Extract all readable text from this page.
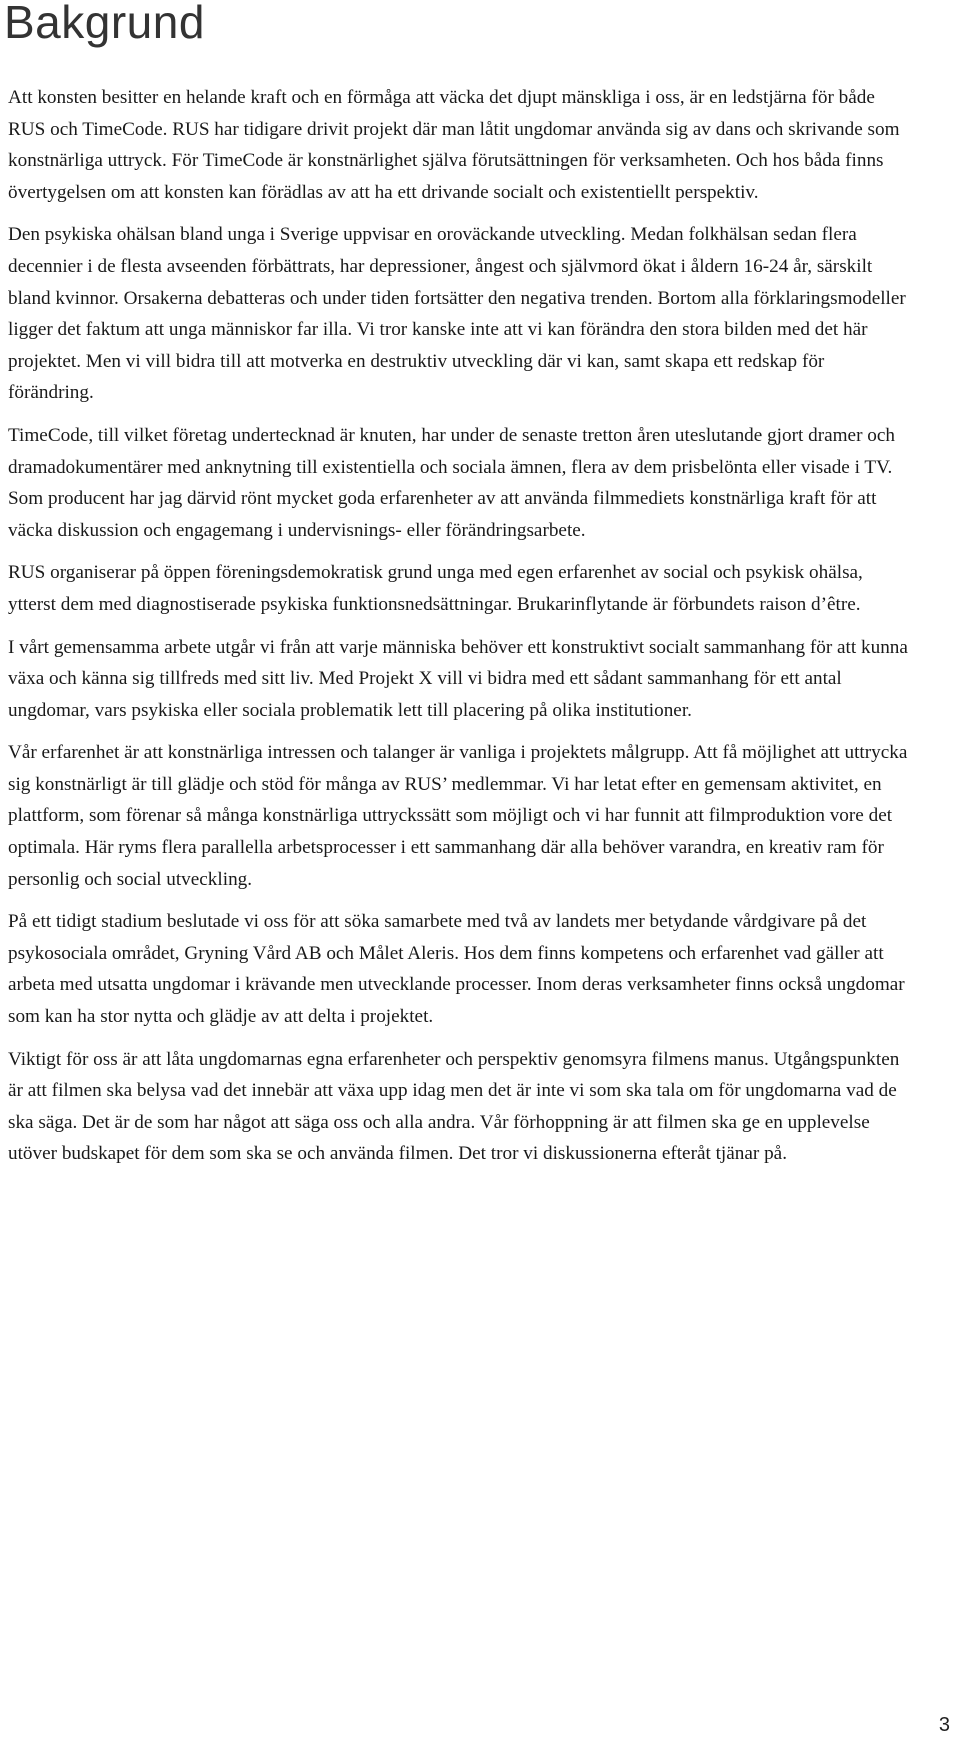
Bakgrund

Att konsten besitter en helande kraft och en förmåga att väcka det djupt mänskliga i oss, är en ledstjärna för både RUS och TimeCode. RUS har tidigare drivit projekt där man låtit ungdomar använda sig av dans och skrivande som konstnärliga uttryck. För TimeCode är konstnärlighet själva förutsättningen för verksamheten. Och hos båda finns övertygelsen om att konsten kan förädlas av att ha ett drivande socialt och existentiellt perspektiv.

Den psykiska ohälsan bland unga i Sverige uppvisar en oroväckande utveckling. Medan folkhälsan sedan flera decennier i de flesta avseenden förbättrats, har depressioner, ångest och självmord ökat i åldern 16-24 år, särskilt bland kvinnor. Orsakerna debatteras och under tiden fortsätter den negativa trenden. Bortom alla förklaringsmodeller ligger det faktum att unga människor far illa. Vi tror kanske inte att vi kan förändra den stora bilden med det här projektet. Men vi vill bidra till att motverka en destruktiv utveckling där vi kan, samt skapa ett redskap för förändring.

TimeCode, till vilket företag undertecknad är knuten, har under de senaste tretton åren uteslutande gjort dramer och dramadokumentärer med anknytning till existentiella och sociala ämnen, flera av dem prisbelönta eller visade i TV. Som producent har jag därvid rönt mycket goda erfarenheter av att använda filmmediets konstnärliga kraft för att väcka diskussion och engagemang i undervisnings- eller förändringsarbete.

RUS organiserar på öppen föreningsdemokratisk grund unga med egen erfarenhet av social och psykisk ohälsa, ytterst dem med diagnostiserade psykiska funktionsnedsättningar. Brukarinflytande är förbundets raison d’être.

I vårt gemensamma arbete utgår vi från att varje människa behöver ett konstruktivt socialt sammanhang för att kunna växa och känna sig tillfreds med sitt liv. Med Projekt X vill vi bidra med ett sådant sammanhang för ett antal ungdomar, vars psykiska eller sociala problematik lett till placering på olika institutioner.

Vår erfarenhet är att konstnärliga intressen och talanger är vanliga i projektets målgrupp. Att få möjlighet att uttrycka sig konstnärligt är till glädje och stöd för många av RUS’ medlemmar. Vi har letat efter en gemensam aktivitet, en plattform, som förenar så många konstnärliga uttryckssätt som möjligt och vi har funnit att filmproduktion vore det optimala. Här ryms flera parallella arbetsprocesser i ett sammanhang där alla behöver varandra, en kreativ ram för personlig och social utveckling.

På ett tidigt stadium beslutade vi oss för att söka samarbete med två av landets mer betydande vårdgivare på det psykosociala området, Gryning Vård AB och Målet Aleris. Hos dem finns kompetens och erfarenhet vad gäller att arbeta med utsatta ungdomar i krävande men utvecklande processer. Inom deras verksamheter finns också ungdomar som kan ha stor nytta och glädje av att delta i projektet.

Viktigt för oss är att låta ungdomarnas egna erfarenheter och perspektiv genomsyra filmens manus. Utgångspunkten är att filmen ska belysa vad det innebär att växa upp idag men det är inte vi som ska tala om för ungdomarna vad de ska säga. Det är de som har något att säga oss och alla andra. Vår förhoppning är att filmen ska ge en upplevelse utöver budskapet för dem som ska se och använda filmen. Det tror vi diskussionerna efteråt tjänar på.

3
